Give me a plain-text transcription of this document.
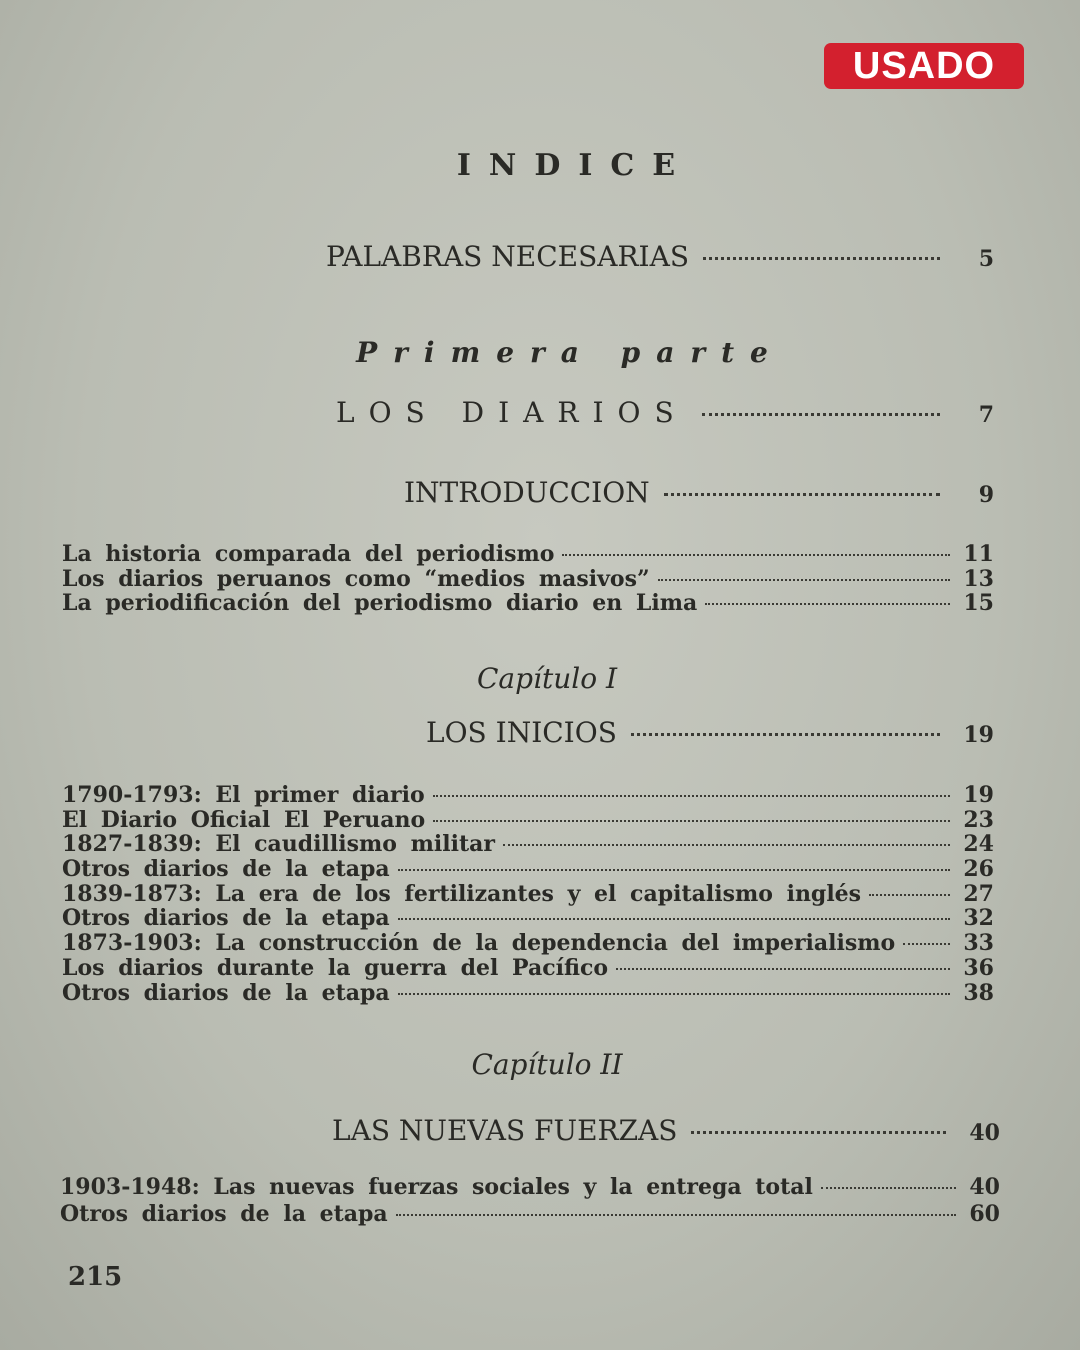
USADO
INDICE
PALABRAS NECESARIAS	5
Primera parte
LOS DIARIOS	7
INTRODUCCION	9
La historia comparada del periodismo	11
Los diarios peruanos como “medios masivos”	13
La periodificación del periodismo diario en Lima	15
Capítulo I
LOS INICIOS	19
1790-1793: El primer diario	19
El Diario Oficial El Peruano	23
1827-1839: El caudillismo militar	24
Otros diarios de la etapa	26
1839-1873: La era de los fertilizantes y el capitalismo inglés	27
Otros diarios de la etapa	32
1873-1903: La construcción de la dependencia del imperialismo	33
Los diarios durante la guerra del Pacífico	36
Otros diarios de la etapa	38
Capítulo II
LAS NUEVAS FUERZAS	40
1903-1948: Las nuevas fuerzas sociales y la entrega total	40
Otros diarios de la etapa	60
215
